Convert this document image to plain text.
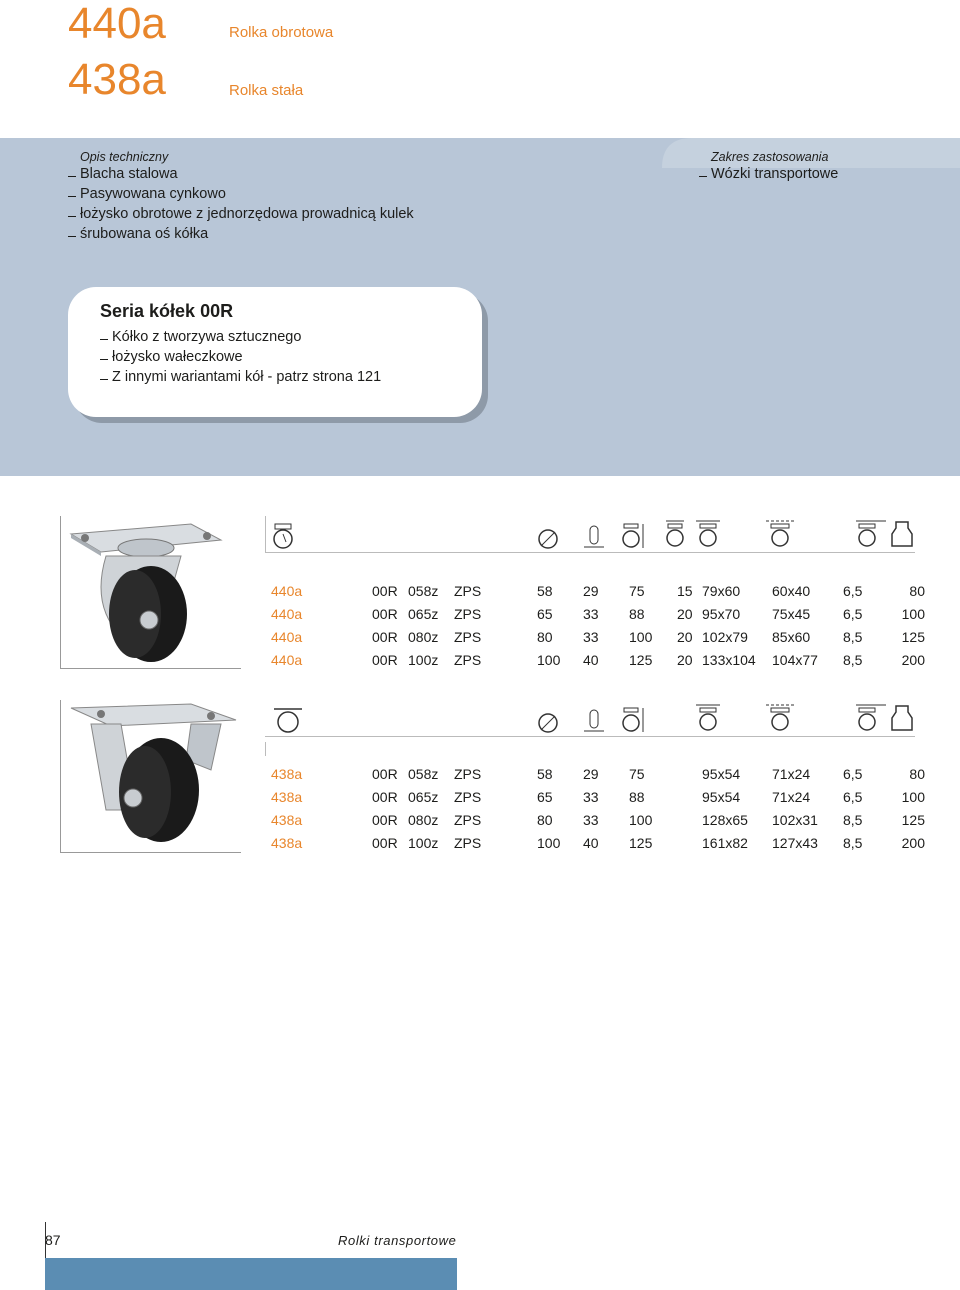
440a	Rolka obrotowa
438a	Rolka stała
Opis techniczny
Blacha stalowa
Pasywowana cynkowo
łożysko obrotowe z jednorzędowa prowadnicą kulek
śrubowana oś kółka
Zakres zastosowania
Wózki transportowe
Seria kółek 00R
Kółko z tworzywa sztucznego
łożysko wałeczkowe
Z innymi wariantami kół - patrz strona 121
440a	00R	058z	ZPS	58	29	75	15	79x60	60x40	6,5	80
440a	00R	065z	ZPS	65	33	88	20	95x70	75x45	6,5	100
440a	00R	080z	ZPS	80	33	100	20	102x79	85x60	8,5	125
440a	00R	100z	ZPS	100	40	125	20	133x104	104x77	8,5	200
438a	00R	058z	ZPS	58	29	75		95x54	71x24	6,5	80
438a	00R	065z	ZPS	65	33	88		95x54	71x24	6,5	100
438a	00R	080z	ZPS	80	33	100		128x65	102x31	8,5	125
438a	00R	100z	ZPS	100	40	125		161x82	127x43	8,5	200
87	Rolki transportowe
